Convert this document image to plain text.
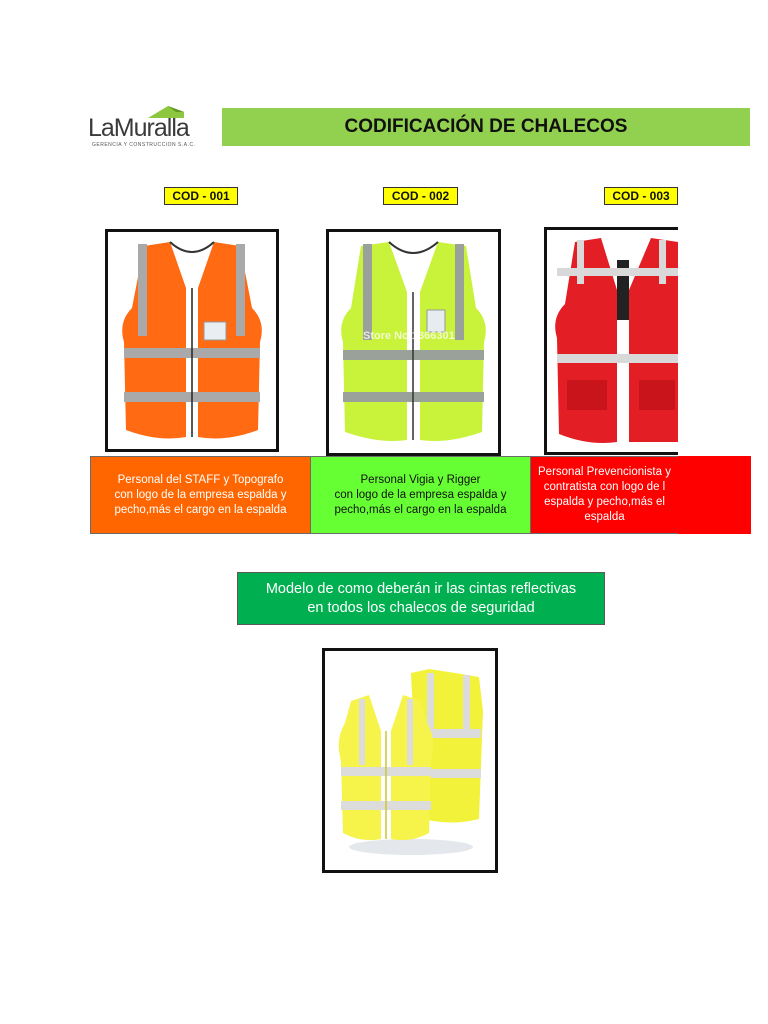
LaMuralla
GERENCIA Y CONSTRUCCION S.A.C.
CODIFICACIÓN DE CHALECOS
COD - 001	COD - 002	COD - 003
Store No.1366301
Personal del STAFF y Topografo
con logo de la empresa espalda y
pecho,más el cargo en la espalda
Personal Vigia y Rigger
con logo de la empresa espalda y
pecho,más el cargo en la espalda
Personal Prevencionista y
contratista con logo de l
espalda y pecho,más el
espalda
Modelo de como deberán ir las cintas reflectivas
en todos los chalecos de seguridad
